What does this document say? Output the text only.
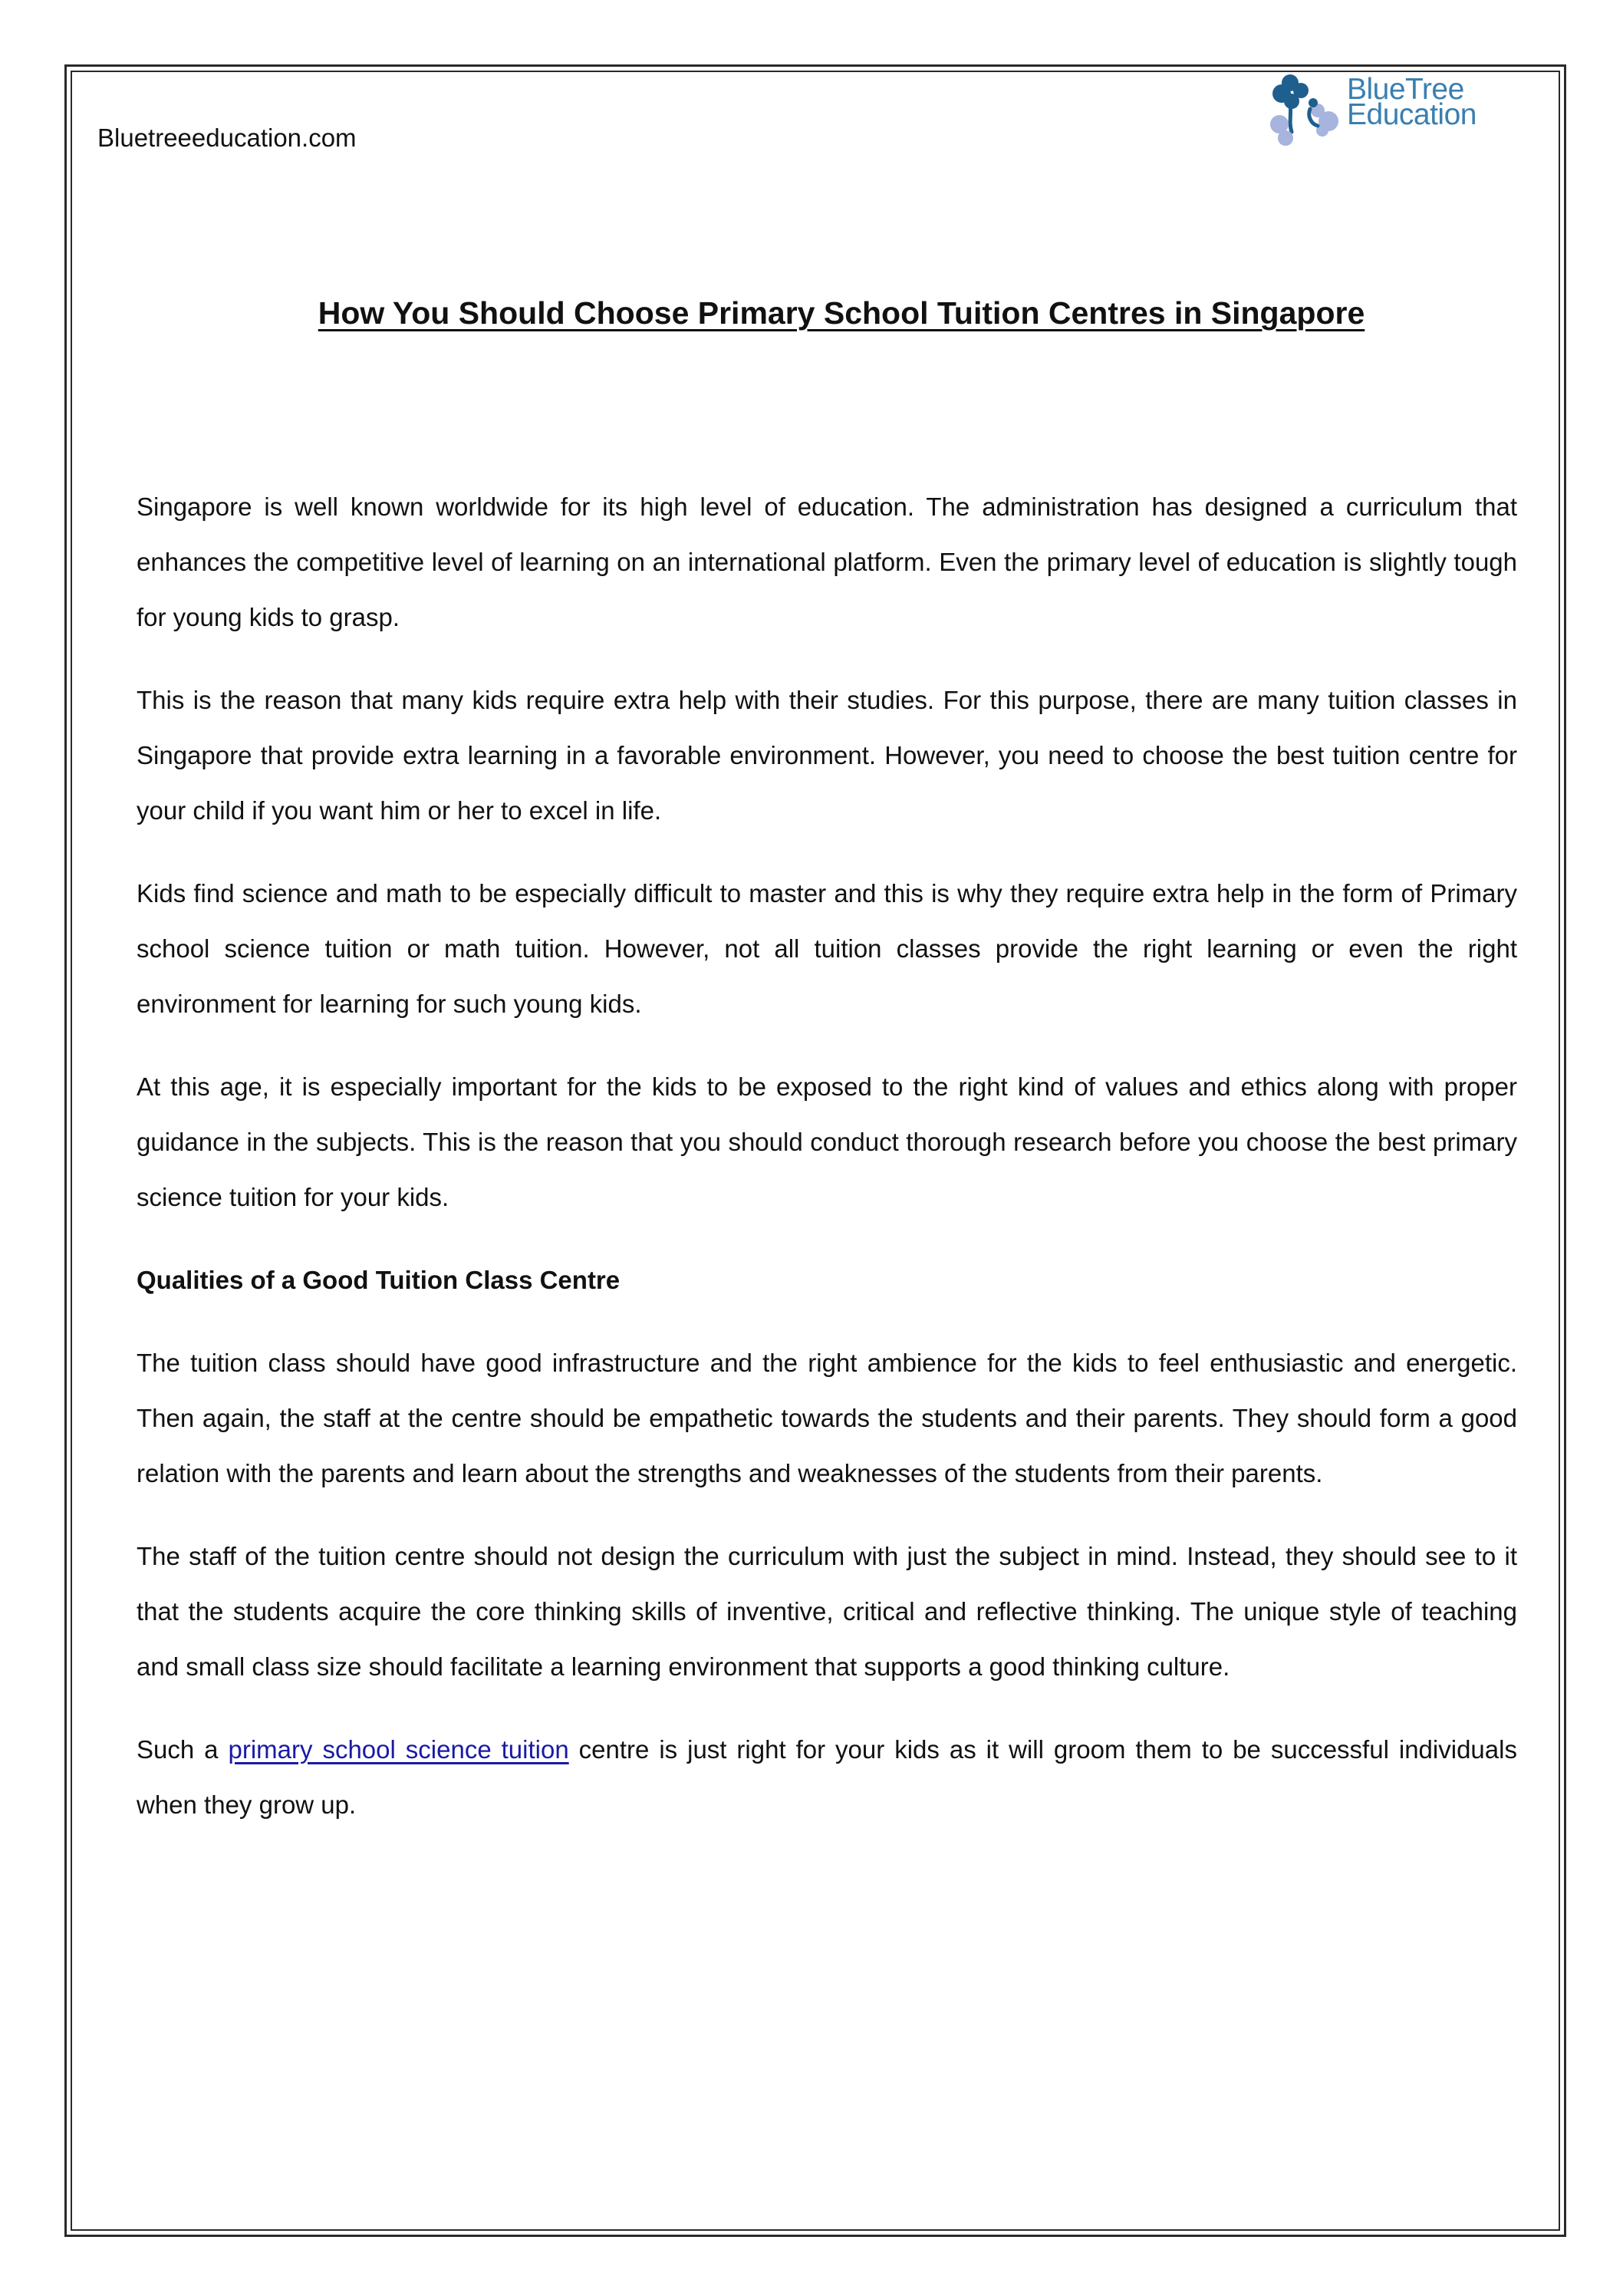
Bluetreeeducation.com
BlueTree
Education
How You Should Choose Primary School Tuition Centres in Singapore

Singapore is well known worldwide for its high level of education. The administration has designed a curriculum that enhances the competitive level of learning on an international platform. Even the primary level of education is slightly tough for young kids to grasp.

This is the reason that many kids require extra help with their studies. For this purpose, there are many tuition classes in Singapore that provide extra learning in a favorable environment. However, you need to choose the best tuition centre for your child if you want him or her to excel in life.

Kids find science and math to be especially difficult to master and this is why they require extra help in the form of Primary school science tuition or math tuition. However, not all tuition classes provide the right learning or even the right environment for learning for such young kids.

At this age, it is especially important for the kids to be exposed to the right kind of values and ethics along with proper guidance in the subjects. This is the reason that you should conduct thorough research before you choose the best primary science tuition for your kids.

Qualities of a Good Tuition Class Centre

The tuition class should have good infrastructure and the right ambience for the kids to feel enthusiastic and energetic. Then again, the staff at the centre should be empathetic towards the students and their parents. They should form a good relation with the parents and learn about the strengths and weaknesses of the students from their parents.

The staff of the tuition centre should not design the curriculum with just the subject in mind. Instead, they should see to it that the students acquire the core thinking skills of inventive, critical and reflective thinking. The unique style of teaching and small class size should facilitate a learning environment that supports a good thinking culture.

Such a primary school science tuition centre is just right for your kids as it will groom them to be successful individuals when they grow up.
